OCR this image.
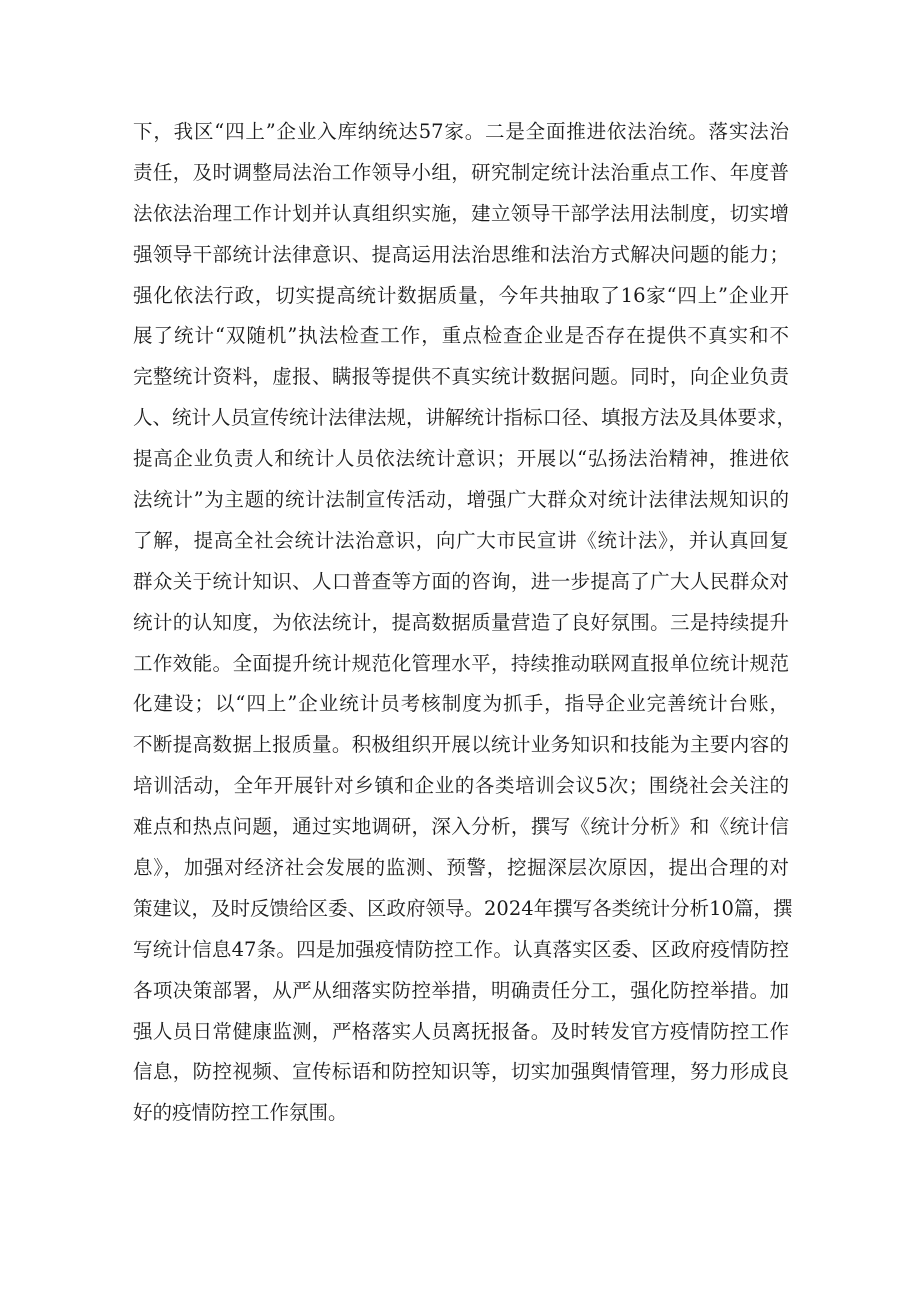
下，我区“四上”企业入库纳统达57家。二是全面推进依法治统。落实法治
责任，及时调整局法治工作领导小组，研究制定统计法治重点工作、年度普
法依法治理工作计划并认真组织实施，建立领导干部学法用法制度，切实增
强领导干部统计法律意识、提高运用法治思维和法治方式解决问题的能力；
强化依法行政，切实提高统计数据质量，今年共抽取了16家“四上”企业开
展了统计“双随机”执法检查工作，重点检查企业是否存在提供不真实和不
完整统计资料，虚报、瞒报等提供不真实统计数据问题。同时，向企业负责
人、统计人员宣传统计法律法规，讲解统计指标口径、填报方法及具体要求，
提高企业负责人和统计人员依法统计意识；开展以“弘扬法治精神，推进依
法统计”为主题的统计法制宣传活动，增强广大群众对统计法律法规知识的
了解，提高全社会统计法治意识，向广大市民宣讲《统计法》，并认真回复
群众关于统计知识、人口普查等方面的咨询，进一步提高了广大人民群众对
统计的认知度，为依法统计，提高数据质量营造了良好氛围。三是持续提升
工作效能。全面提升统计规范化管理水平，持续推动联网直报单位统计规范
化建设；以“四上”企业统计员考核制度为抓手，指导企业完善统计台账，
不断提高数据上报质量。积极组织开展以统计业务知识和技能为主要内容的
培训活动，全年开展针对乡镇和企业的各类培训会议5次；围绕社会关注的
难点和热点问题，通过实地调研，深入分析，撰写《统计分析》和《统计信
息》，加强对经济社会发展的监测、预警，挖掘深层次原因，提出合理的对
策建议，及时反馈给区委、区政府领导。2024年撰写各类统计分析10篇，撰
写统计信息47条。四是加强疫情防控工作。认真落实区委、区政府疫情防控
各项决策部署，从严从细落实防控举措，明确责任分工，强化防控举措。加
强人员日常健康监测，严格落实人员离抚报备。及时转发官方疫情防控工作
信息，防控视频、宣传标语和防控知识等，切实加强舆情管理，努力形成良
好的疫情防控工作氛围。
